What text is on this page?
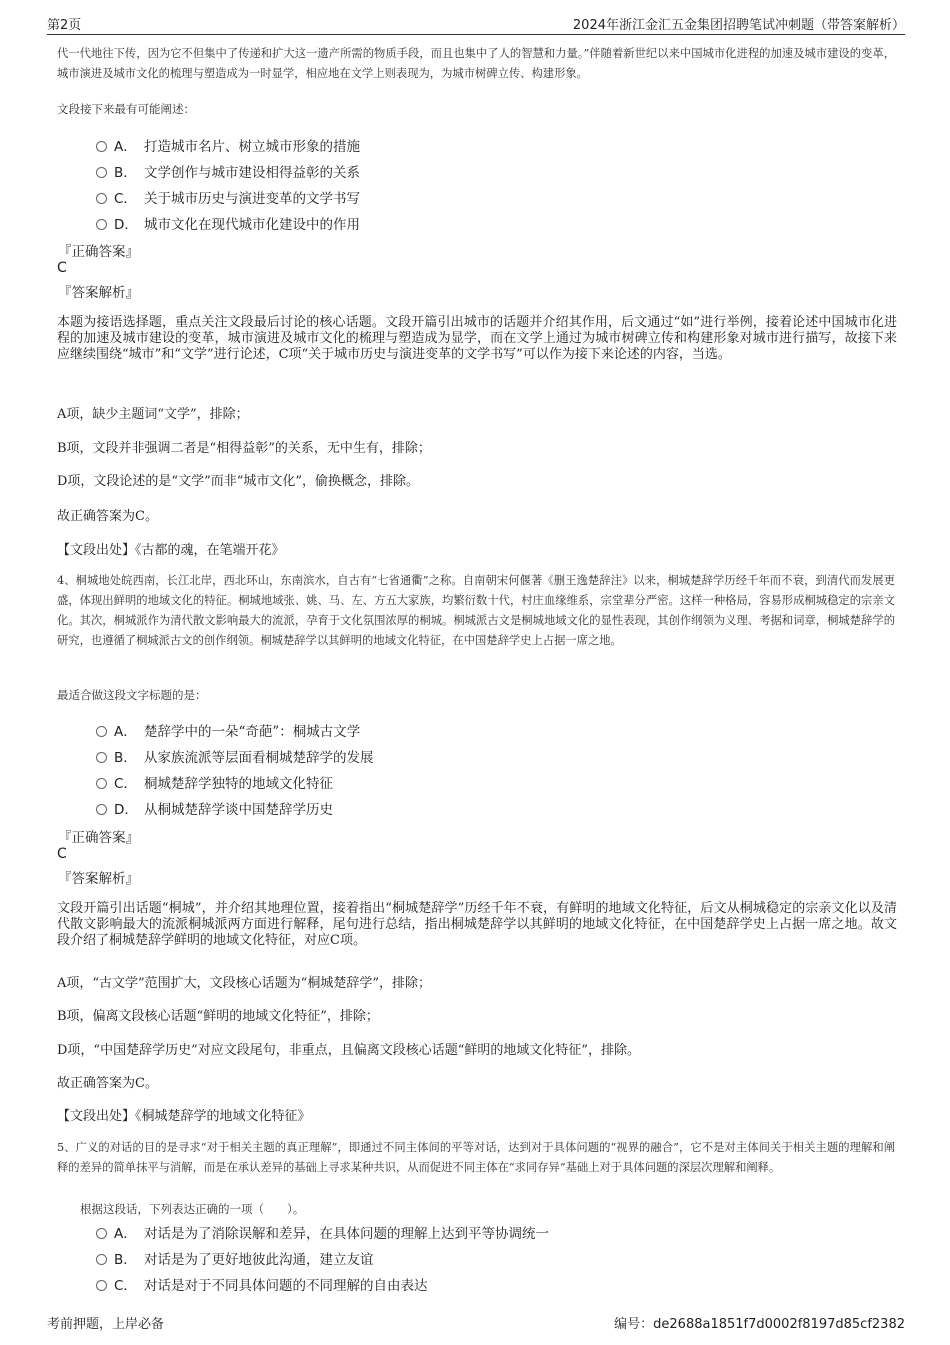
第2页	2024年浙江金汇五金集团招聘笔试冲刺题（带答案解析）
代一代地往下传，因为它不但集中了传递和扩大这一遗产所需的物质手段，而且也集中了人的智慧和力量。”伴随着新世纪以来中国城市化进程的加速及城市建设的变革，城市演进及城市文化的梳理与塑造成为一时显学，相应地在文学上则表现为，为城市树碑立传、构建形象。
文段接下来最有可能阐述：
A． 打造城市名片、树立城市形象的措施
B． 文学创作与城市建设相得益彰的关系
C． 关于城市历史与演进变革的文学书写
D． 城市文化在现代城市化建设中的作用
『正确答案』
C
『答案解析』
本题为接语选择题，重点关注文段最后讨论的核心话题。文段开篇引出城市的话题并介绍其作用，后文通过“如”进行举例，接着论述中国城市化进程的加速及城市建设的变革，城市演进及城市文化的梳理与塑造成为显学，而在文学上通过为城市树碑立传和构建形象对城市进行描写，故接下来应继续围绕“城市”和“文学”进行论述，C项“关于城市历史与演进变革的文学书写”可以作为接下来论述的内容，当选。
A项，缺少主题词“文学”，排除；
B项，文段并非强调二者是“相得益彰”的关系，无中生有，排除；
D项，文段论述的是“文学”而非“城市文化”，偷换概念，排除。
故正确答案为C。
【文段出处】《古都的魂，在笔端开花》
4、桐城地处皖西南，长江北岸，西北环山，东南滨水，自古有“七省通衢”之称。自南朝宋何偃著《删王逸楚辞注》以来，桐城楚辞学历经千年而不衰，到清代而发展更盛，体现出鲜明的地域文化的特征。桐城地域张、姚、马、左、方五大家族，均繁衍数十代，村庄血缘维系，宗堂辈分严密。这样一种格局，容易形成桐城稳定的宗亲文化。其次，桐城派作为清代散文影响最大的流派，孕育于文化氛围浓厚的桐城。桐城派古文是桐城地域文化的显性表现，其创作纲领为义理、考据和词章，桐城楚辞学的研究，也遵循了桐城派古文的创作纲领。桐城楚辞学以其鲜明的地域文化特征，在中国楚辞学史上占据一席之地。
最适合做这段文字标题的是：
A． 楚辞学中的一朵“奇葩”：桐城古文学
B． 从家族流派等层面看桐城楚辞学的发展
C． 桐城楚辞学独特的地域文化特征
D． 从桐城楚辞学谈中国楚辞学历史
『正确答案』
C
『答案解析』
文段开篇引出话题“桐城”，并介绍其地理位置，接着指出“桐城楚辞学”历经千年不衰，有鲜明的地域文化特征，后文从桐城稳定的宗亲文化以及清代散文影响最大的流派桐城派两方面进行解释，尾句进行总结，指出桐城楚辞学以其鲜明的地域文化特征，在中国楚辞学史上占据一席之地。故文段介绍了桐城楚辞学鲜明的地域文化特征，对应C项。
A项，“古文学”范围扩大，文段核心话题为“桐城楚辞学”，排除；
B项，偏离文段核心话题“鲜明的地域文化特征”，排除；
D项，“中国楚辞学历史”对应文段尾句，非重点，且偏离文段核心话题“鲜明的地域文化特征”，排除。
故正确答案为C。
【文段出处】《桐城楚辞学的地域文化特征》
5、广义的对话的目的是寻求“对于相关主题的真正理解”，即通过不同主体间的平等对话，达到对于具体问题的“视界的融合”，它不是对主体间关于相关主题的理解和阐释的差异的简单抹平与消解，而是在承认差异的基础上寻求某种共识，从而促进不同主体在“求同存异”基础上对于具体问题的深层次理解和阐释。
根据这段话，下列表达正确的一项（　　）。
A． 对话是为了消除误解和差异，在具体问题的理解上达到平等协调统一
B． 对话是为了更好地彼此沟通，建立友谊
C． 对话是对于不同具体问题的不同理解的自由表达
考前押题，上岸必备	编号：de2688a1851f7d0002f8197d85cf2382
